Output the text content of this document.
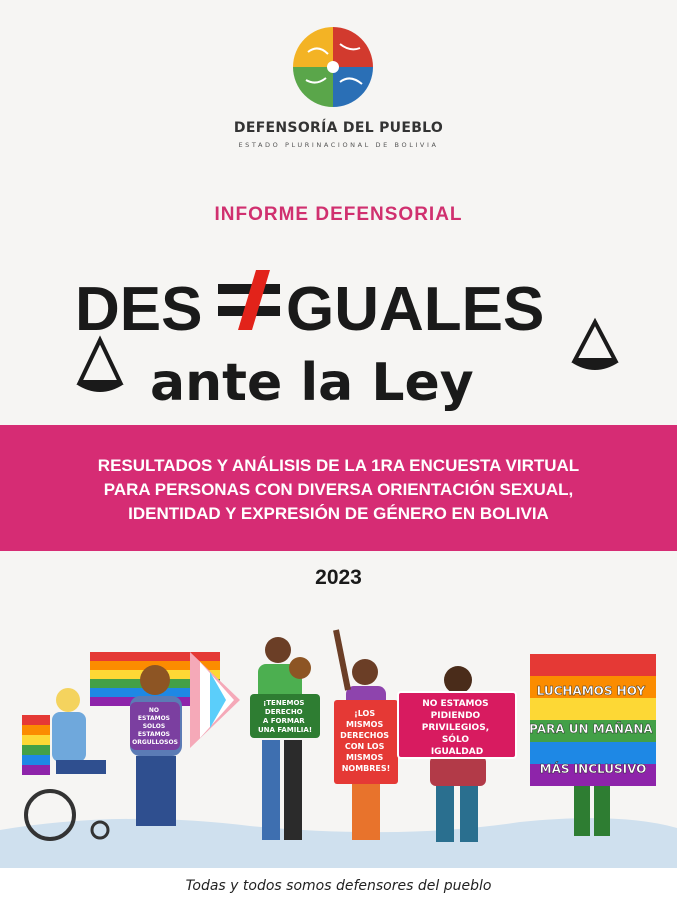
DEFENSORÍA DEL PUEBLO
ESTADO PLURINACIONAL DE BOLIVIA
INFORME DEFENSORIAL
DES GUALES
ante la Ley
RESULTADOS Y ANÁLISIS DE LA 1RA ENCUESTA VIRTUAL
PARA PERSONAS CON DIVERSA ORIENTACIÓN SEXUAL,
IDENTIDAD Y EXPRESIÓN DE GÉNERO EN BOLIVIA
2023
NO ESTAMOS SOLOS ESTAMOS ORGULLOSOS
¡TENEMOS DERECHO A FORMAR UNA FAMILIA!
¡LOS MISMOS DERECHOS CON LOS MISMOS NOMBRES!
NO ESTAMOS PIDIENDO PRIVILEGIOS, SÓLO IGUALDAD
LUCHAMOS HOY PARA UN MAÑANA MÁS INCLUSIVO
Todas y todos somos defensores del pueblo
